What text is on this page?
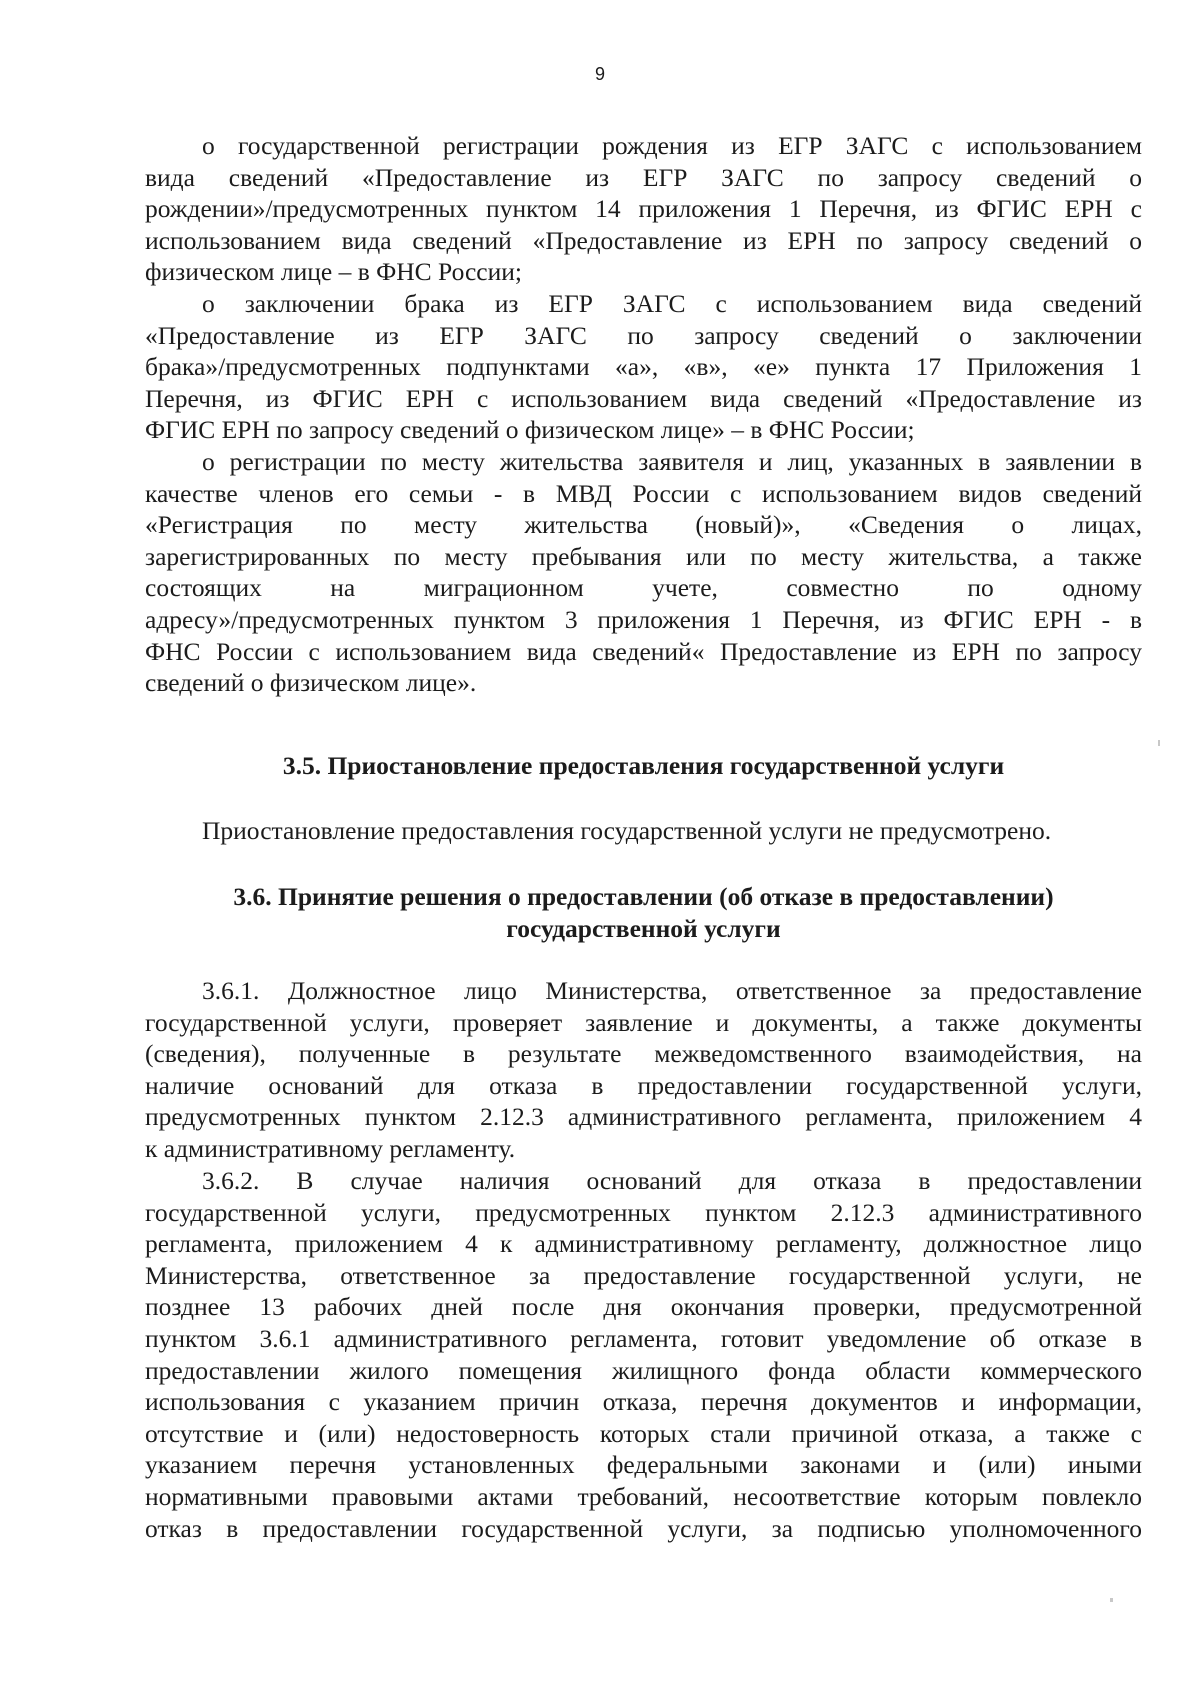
9
о государственной регистрации рождения из ЕГР ЗАГС с использованием
вида сведений «Предоставление из ЕГР ЗАГС по запросу сведений о
рождении»/предусмотренных пунктом 14 приложения 1 Перечня, из ФГИС ЕРН с
использованием вида сведений «Предоставление из ЕРН по запросу сведений о
физическом лице – в ФНС России;
о заключении брака из ЕГР ЗАГС с использованием вида сведений
«Предоставление из ЕГР ЗАГС по запросу сведений о заключении
брака»/предусмотренных подпунктами «а», «в», «е» пункта 17 Приложения 1
Перечня, из ФГИС ЕРН с использованием вида сведений «Предоставление из
ФГИС ЕРН по запросу сведений о физическом лице» – в ФНС России;
о регистрации по месту жительства заявителя и лиц, указанных в заявлении в
качестве членов его семьи - в МВД России с использованием видов сведений
«Регистрация по месту жительства (новый)», «Сведения о лицах,
зарегистрированных по месту пребывания или по месту жительства, а также
состоящих на миграционном учете, совместно по одному
адресу»/предусмотренных пунктом 3 приложения 1 Перечня, из ФГИС ЕРН - в
ФНС России с использованием вида сведений« Предоставление из ЕРН по запросу
сведений о физическом лице».
3.5. Приостановление предоставления государственной услуги
Приостановление предоставления государственной услуги не предусмотрено.
3.6. Принятие решения о предоставлении (об отказе в предоставлении)
государственной услуги
3.6.1. Должностное лицо Министерства, ответственное за предоставление
государственной услуги, проверяет заявление и документы, а также документы
(сведения), полученные в результате межведомственного взаимодействия, на
наличие оснований для отказа в предоставлении государственной услуги,
предусмотренных пунктом 2.12.3 административного регламента, приложением 4
к административному регламенту.
3.6.2. В случае наличия оснований для отказа в предоставлении
государственной услуги, предусмотренных пунктом 2.12.3 административного
регламента, приложением 4 к административному регламенту, должностное лицо
Министерства, ответственное за предоставление государственной услуги, не
позднее 13 рабочих дней после дня окончания проверки, предусмотренной
пунктом 3.6.1 административного регламента, готовит уведомление об отказе в
предоставлении жилого помещения жилищного фонда области коммерческого
использования с указанием причин отказа, перечня документов и информации,
отсутствие и (или) недостоверность которых стали причиной отказа, а также с
указанием перечня установленных федеральными законами и (или) иными
нормативными правовыми актами требований, несоответствие которым повлекло
отказ в предоставлении государственной услуги, за подписью уполномоченного
